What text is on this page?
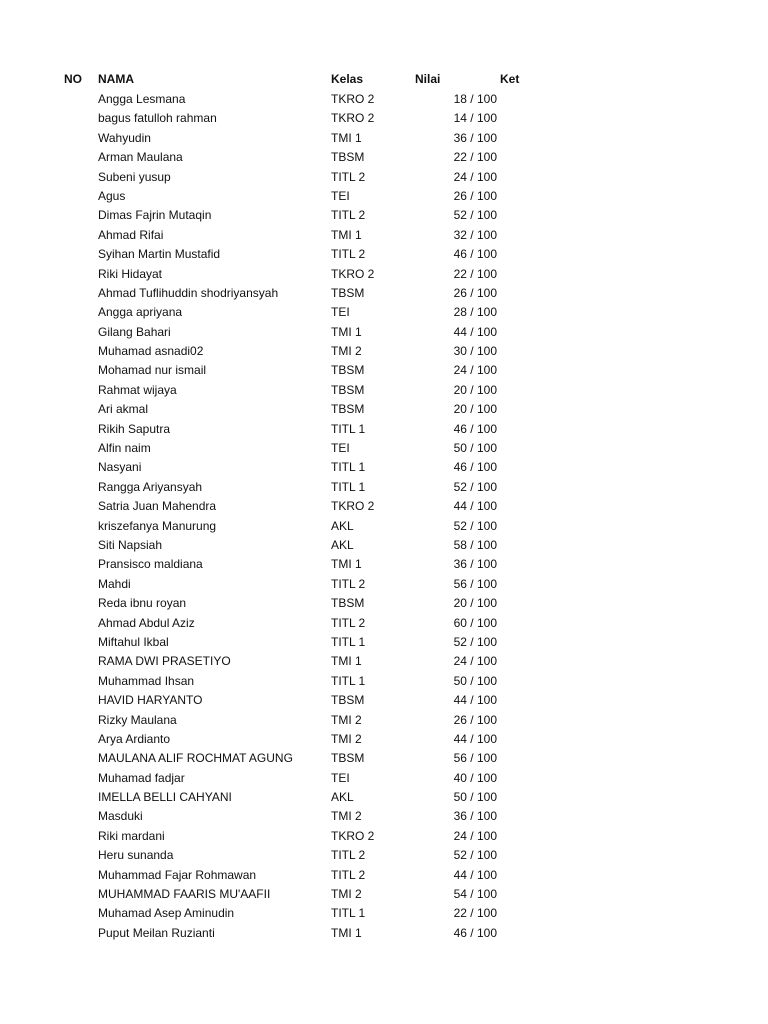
NO NAMA	Kelas	Nilai	Ket
Angga Lesmana	TKRO 2	18 / 100
bagus fatulloh rahman	TKRO 2	14 / 100
Wahyudin	TMI 1	36 / 100
Arman Maulana	TBSM	22 / 100
Subeni yusup	TITL 2	24 / 100
Agus	TEI	26 / 100
Dimas Fajrin Mutaqin	TITL 2	52 / 100
Ahmad Rifai	TMI 1	32 / 100
Syihan Martin Mustafid	TITL 2	46 / 100
Riki Hidayat	TKRO 2	22 / 100
Ahmad Tuflihuddin shodriyansyah	TBSM	26 / 100
Angga apriyana	TEI	28 / 100
Gilang Bahari	TMI 1	44 / 100
Muhamad asnadi02	TMI 2	30 / 100
Mohamad nur ismail	TBSM	24 / 100
Rahmat wijaya	TBSM	20 / 100
Ari akmal	TBSM	20 / 100
Rikih Saputra	TITL 1	46 / 100
Alfin naim	TEI	50 / 100
Nasyani	TITL 1	46 / 100
Rangga Ariyansyah	TITL 1	52 / 100
Satria Juan Mahendra	TKRO 2	44 / 100
kriszefanya Manurung	AKL	52 / 100
Siti Napsiah	AKL	58 / 100
Pransisco maldiana	TMI 1	36 / 100
Mahdi	TITL 2	56 / 100
Reda ibnu royan	TBSM	20 / 100
Ahmad Abdul Aziz	TITL 2	60 / 100
Miftahul Ikbal	TITL 1	52 / 100
RAMA DWI PRASETIYO	TMI 1	24 / 100
Muhammad Ihsan	TITL 1	50 / 100
HAVID HARYANTO	TBSM	44 / 100
Rizky Maulana	TMI 2	26 / 100
Arya Ardianto	TMI 2	44 / 100
MAULANA ALIF ROCHMAT AGUNG	TBSM	56 / 100
Muhamad fadjar	TEI	40 / 100
IMELLA BELLI CAHYANI	AKL	50 / 100
Masduki	TMI 2	36 / 100
Riki mardani	TKRO 2	24 / 100
Heru sunanda	TITL 2	52 / 100
Muhammad Fajar Rohmawan	TITL 2	44 / 100
MUHAMMAD FAARIS MU'AAFII	TMI 2	54 / 100
Muhamad Asep Aminudin	TITL 1	22 / 100
Puput Meilan Ruzianti	TMI 1	46 / 100
